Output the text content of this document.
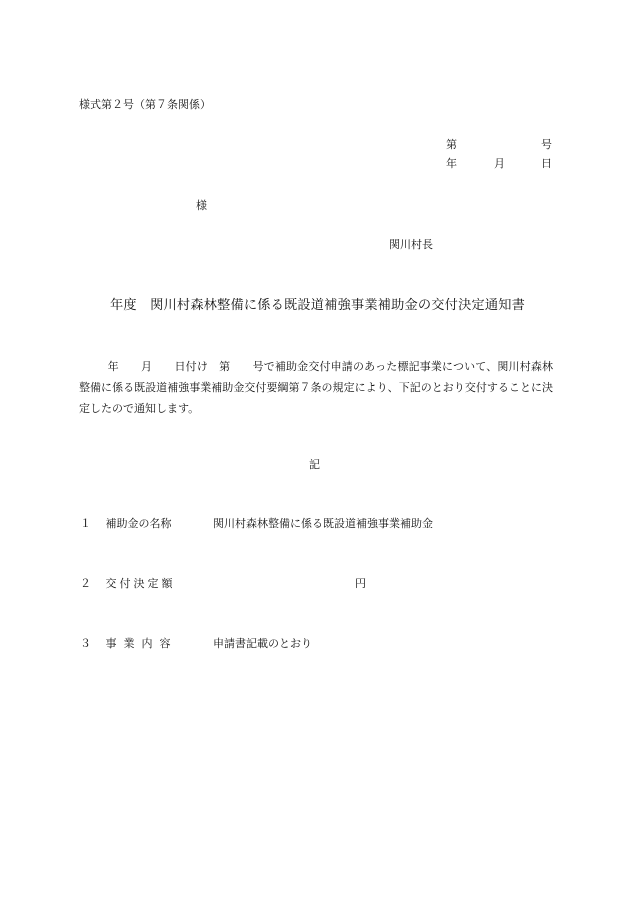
様式第２号（第７条関係）
第	号
年	月	日
様
関川村長
年度　関川村森林整備に係る既設道補強事業補助金の交付決定通知書
年　　月　　日付け　第　　号で補助金交付申請のあった標記事業について、関川村森林整備に係る既設道補強事業補助金交付要綱第７条の規定により、下記のとおり交付することに決定したので通知します。
記
１ 補助金の名称	関川村森林整備に係る既設道補強事業補助金
２ 交付決定額	円
３ 事業内容	申請書記載のとおり
